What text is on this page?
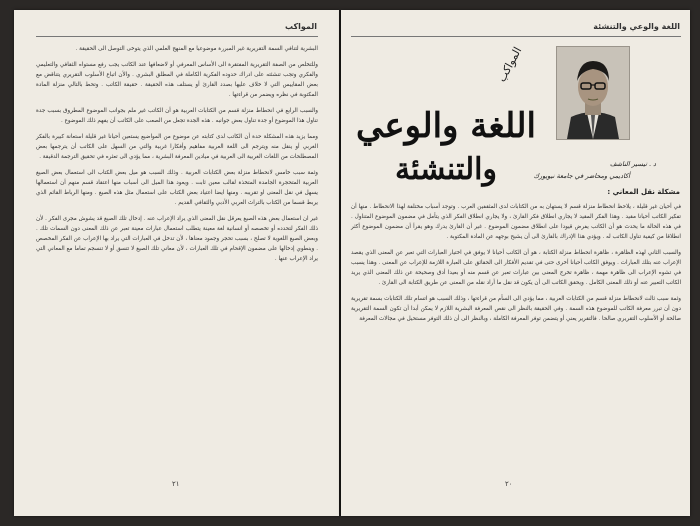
المواكب

البشرية لتنافي السمة التقريرية غير المبررة موضوعيا مع المنهج العلمي الذي يتوخى التوصل الى الحقيقة .

وللتخلص من الصفة التقريرية المفتقرة الى الأساس المعرفي أو لاضعافها عند الكاتب يجب رفع مستواه الثقافي والتعليمي والفكري وتجب تنشئته على ادراك حدوده الفكرية الكاملة في المطلق البشري . والأن اتباع الأسلوب التقريري يتناقض مع بعض المقاييس التي لا خلاف عليها بصدد القارئ أو يستلف هذه الحقيقة . حقيقة الكاتب . وتحط بالتالي منزلة المادة المكتوبة في نظره ويضمر من قراءتها .

والسبب الرابع في انحطاط منزلة قسم من الكتابات العربية هو أن الكاتب غير ملم بجوانب الموضوع المطروق بسبب جدة تناول هذا الموضوع أو جدة تناول بعض جوانبه . هذه الجدة تجعل من الصعب على الكاتب أن يفهم ذلك الموضوع .

ومما يزيد هذه المشكلة حدة أن الكاتب لدى كتابته عن موضوع من المواضيع يستعين أحيانا غير قليلة استعانة كبيرة بالفكر الغربي أو ينقل منه ويترجم الى اللغة العربية مفاهيم وأفكارا غربية والتي من السهل على الكاتب أن يترجمها بعض المصطلحات من اللغات الغربية الى العربية في ميادين المعرفة البشرية ، مما يؤدي الى تعثره في تحقيق الترجمة الدقيقة .

وثمة سبب خامس لانحطاط منزلة بعض الكتابات العربية . وذلك السبب هو ميل بعض الكتاب الى استعمال بعض الصيغ العربية المتحجرة الجامدة المتخذة لقالب معين ثابت . ويعود هذا الميل الى أسباب منها اعتقاد قسم منهم أن استعمالها يسهل في نقل المعنى او تقريبه . ومنها ايضا اعتياد بعض الكتاب على استعمال مثل هذه الصيغ . ومنها الرباط القائم الذي يربط قسما من الكتاب بالتراث العربي الأدبي والثقافي القديم .

غير ان استعمال بعض هذه الصيغ يعرقل نقل المعنى الذي يراد الإعراب عنه . إدخال تلك الصيغ قد يشوش مجرى الفكر . لأن ذلك الفكر لتحدده أو تخصصه أو انسانية لغة معينة يتطلب استعمال عبارات معينة تعبر عن ذلك المعنى دون السمات تلك . وبعض الصيغ اللغوية لا تصلح ، بسبب تحجر وجمود معناها ، لأن تدخل في العبارات التي يراد بها الإعراب عن الفكر المخصص . وينطوي إدخالها على مضمون الإقحام في تلك العبارات ، لأن معاني تلك الصيغ لا تتسق أو لا تنسجم تماما مع المعاني التي يراد الإعراب عنها .

٢١
اللغة والوعي والتنشئة
المواكب
اللغة والوعي
والتنشئة	د . تيسير الناشف
أكاديمي ومحاضر في جامعة نيويورك
مشكلة نقل المعاني :

في أحيان غير قليلة ، يلاحظ انحطاط منزلة قسم لا يستهان به من الكتابات لدى المثقفين العرب . وتوجد أسباب مختلفة لهذا الانحطاط . منها أن تفكير الكاتب أحيانا مقيد . وهذا الفكر المقيد لا يجاري انطلاق فكر القارئ ، ولا يجاري انطلاق الفكر الذي يتأمل في مضمون الموضوع المتناول . في هذه الحالة ما يحدث هو أن الكاتب يفرض قيودا على انطلاق مضمون الموضوع . غير أن القارئ يدرك وهو يقرأ أن مضمون الموضوع أكثر انطلاقا من كيفية تناول الكاتب له . ويؤدي هذا الإدراك بالقارئ الى أن يشيح بوجهه عن المادة المكتوبة .

والسبب الثاني لهذه الظاهرة ، ظاهرة انحطاط منزلة الكتابة ، هو أن الكاتب أحيانا لا يوفق في اختيار العبارات التي تعبر عن المعنى الذي يقصد الإعراب عنه بتلك العبارات . ويوفق الكاتب أحيانا أخرى حتى في تقديم الأفكار الى الحقائق على العبارة اللازمة للإعراب عن المعنى . وهذا يسبب في تشوه الإعراب الى ظاهرة مهمة ، ظاهرة تخرج المعنى بين عبارات تعبر عن قسم منه أو بعيدا أدق وصحيحة عن ذلك المعنى الذي يريد الكاتب التعبير عنه أو ذلك المعنى الكامل . ويحقق الكاتب الى أن يكون قد نقل ما أراد نقله من المعنى عن طريق الكتابة الى القارئ .

وثمة سبب ثالث لانحطاط منزلة قسم من الكتابات العربية ، مما يؤدي الى السأم من قراءتها ، وذلك السبب هو اتسام تلك الكتابات بسمة تقريرية دون أن تبرر معرفة الكاتب للموضوع هذه السمة . وفي الحقيقة بالنظر الى نقص المعرفة البشرية اللازم لا يمكن أبدا أن تكون السمة التقريرية صالحة أو الأسلوب التقريري صالحا . فالتقرير يعني أو يتضمن توفر المعرفة الكاملة ، وبالنظر الى أن ذلك التوفر مستحيل في مجالات المعرفة

٢٠
